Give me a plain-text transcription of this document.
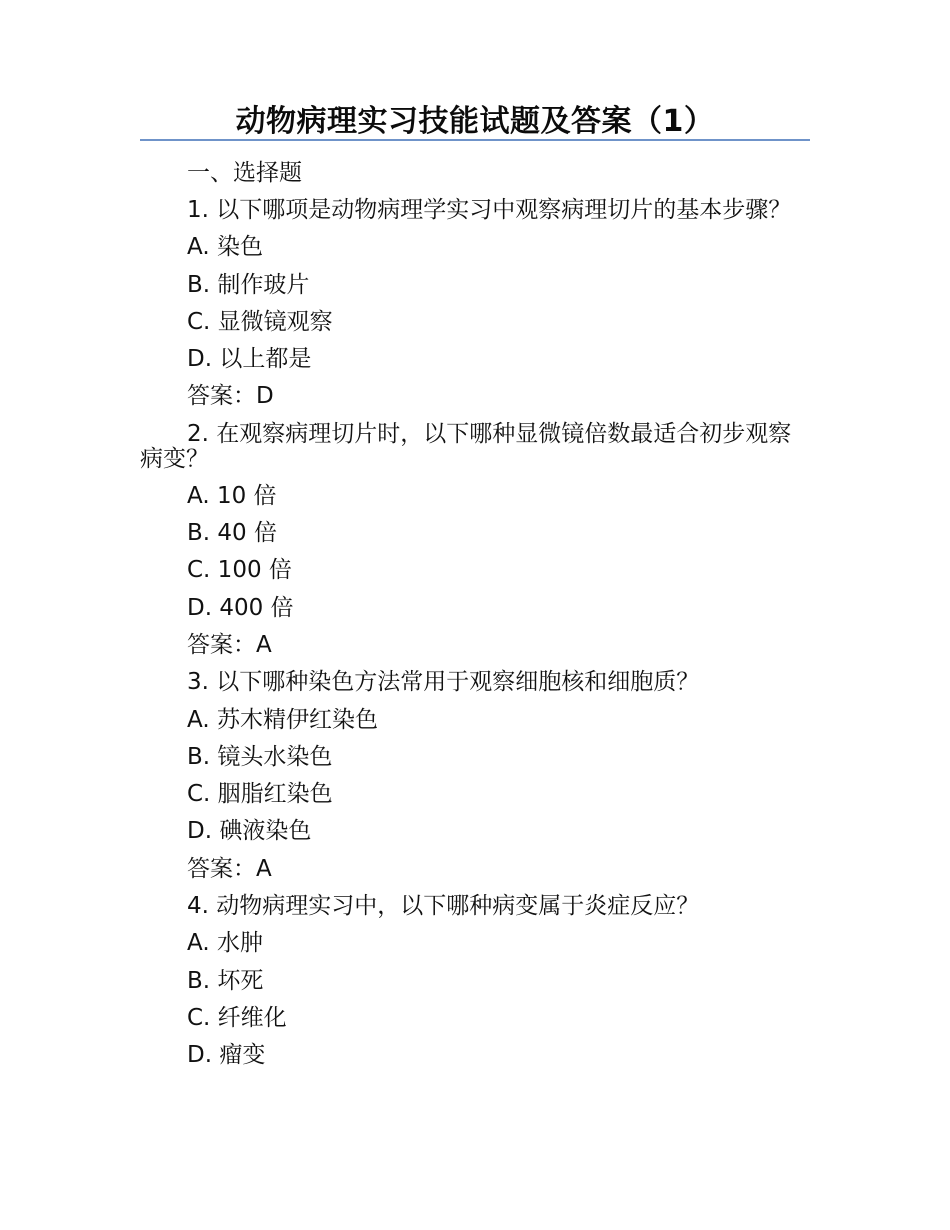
动物病理实习技能试题及答案（1）

一、选择题

1. 以下哪项是动物病理学实习中观察病理切片的基本步骤？

A. 染色

B. 制作玻片

C. 显微镜观察

D. 以上都是

答案：D

2. 在观察病理切片时，以下哪种显微镜倍数最适合初步观察病变？

A. 10 倍

B. 40 倍

C. 100 倍

D. 400 倍

答案：A

3. 以下哪种染色方法常用于观察细胞核和细胞质？

A. 苏木精伊红染色

B. 镜头水染色

C. 胭脂红染色

D. 碘液染色

答案：A

4. 动物病理实习中，以下哪种病变属于炎症反应？

A. 水肿

B. 坏死

C. 纤维化

D. 瘤变
